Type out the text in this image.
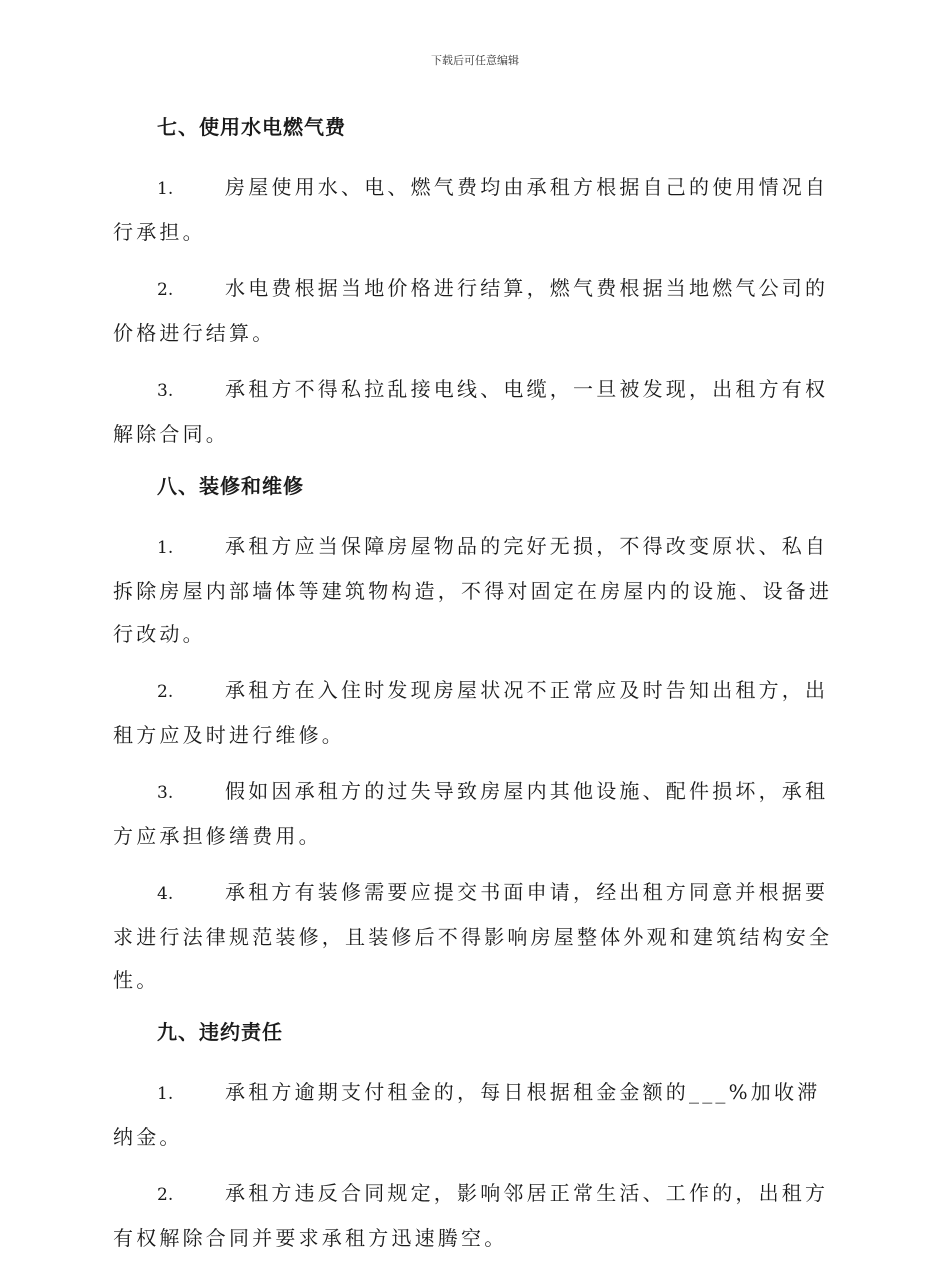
下载后可任意编辑
七、使用水电燃气费
1.	房屋使用水、电、燃气费均由承租方根据自己的使用情况自行承担。
2.	水电费根据当地价格进行结算，燃气费根据当地燃气公司的价格进行结算。
3.	承租方不得私拉乱接电线、电缆，一旦被发现，出租方有权解除合同。
八、装修和维修
1.	承租方应当保障房屋物品的完好无损，不得改变原状、私自拆除房屋内部墙体等建筑物构造，不得对固定在房屋内的设施、设备进行改动。
2.	承租方在入住时发现房屋状况不正常应及时告知出租方，出租方应及时进行维修。
3.	假如因承租方的过失导致房屋内其他设施、配件损坏，承租方应承担修缮费用。
4.	承租方有装修需要应提交书面申请，经出租方同意并根据要求进行法律规范装修，且装修后不得影响房屋整体外观和建筑结构安全性。
九、违约责任
1.	承租方逾期支付租金的，每日根据租金金额的___%加收滞纳金。
2.	承租方违反合同规定，影响邻居正常生活、工作的，出租方有权解除合同并要求承租方迅速腾空。
